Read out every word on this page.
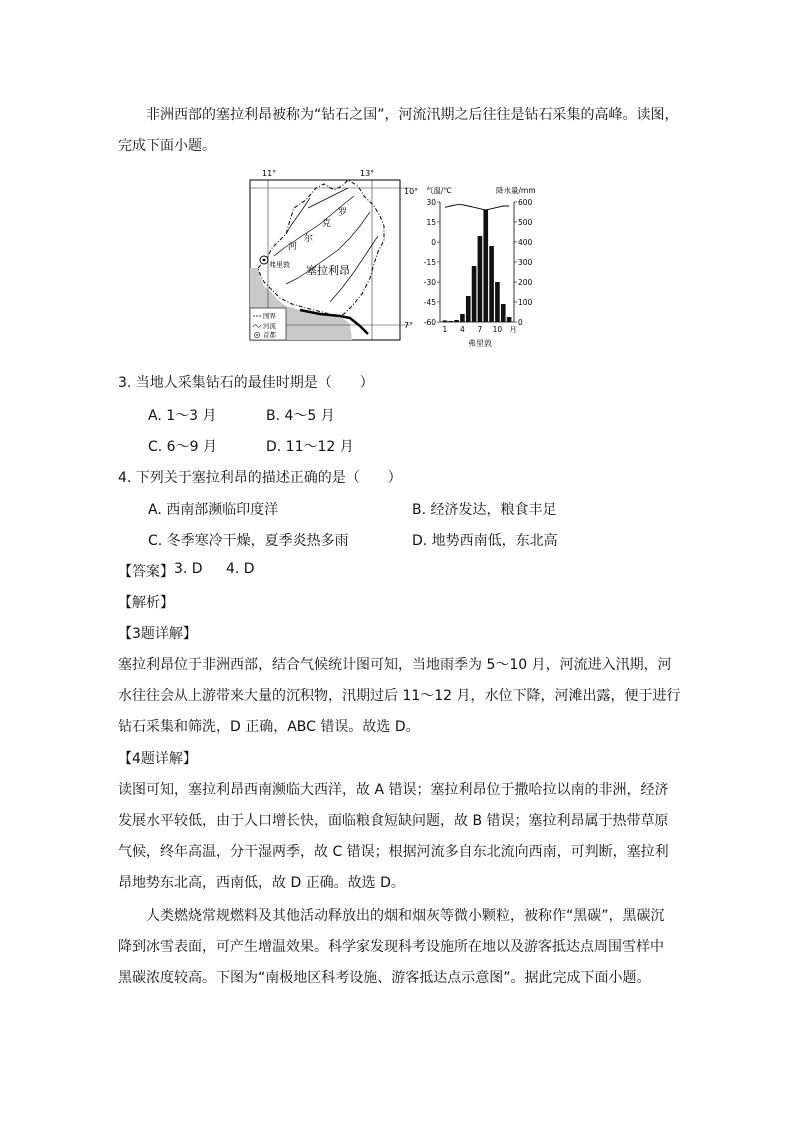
非洲西部的塞拉利昂被称为“钻石之国”，河流汛期之后往往是钻石采集的高峰。读图，

完成下面小题。

11°	13°
10°
7°
罗
克
尔
河
弗里敦 塞拉利昂
国界
河流
首都
气温/℃	降水量/mm
30
15
0
-15
-30
-45
-60
600
500
400
300
200
100
0
1 4 7 10 月
弗里敦

3. 当地人采集钻石的最佳时期是（　　）

A. 1～3 月	B. 4～5 月

C. 6～9 月	D. 11～12 月

4. 下列关于塞拉利昂的描述正确的是（　　）

A. 西南部濒临印度洋	B. 经济发达，粮食丰足

C. 冬季寒冷干燥，夏季炎热多雨	D. 地势西南低，东北高

【答案】 3. D 4. D

【解析】

【3题详解】

塞拉利昂位于非洲西部，结合气候统计图可知，当地雨季为 5～10 月，河流进入汛期，河

水往往会从上游带来大量的沉积物，汛期过后 11～12 月，水位下降，河滩出露，便于进行

钻石采集和筛洗，D 正确，ABC 错误。故选 D。

【4题详解】

读图可知，塞拉利昂西南濒临大西洋，故 A 错误；塞拉利昂位于撒哈拉以南的非洲，经济

发展水平较低，由于人口增长快，面临粮食短缺问题，故 B 错误；塞拉利昂属于热带草原

气候，终年高温，分干湿两季，故 C 错误；根据河流多自东北流向西南，可判断，塞拉利

昂地势东北高，西南低，故 D 正确。故选 D。

人类燃烧常规燃料及其他活动释放出的烟和烟灰等微小颗粒，被称作“黑碳”，黑碳沉

降到冰雪表面，可产生增温效果。科学家发现科考设施所在地以及游客抵达点周围雪样中

黑碳浓度较高。下图为“南极地区科考设施、游客抵达点示意图”。据此完成下面小题。
